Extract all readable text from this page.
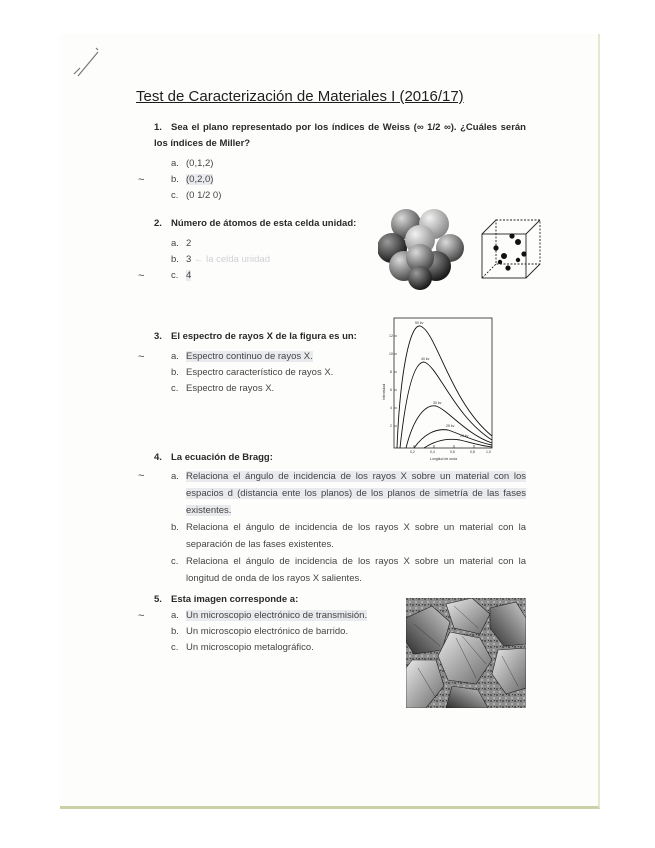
Test de Caracterización de Materiales I (2016/17)
1. Sea el plano representado por los índices de Weiss (∞ 1/2 ∞). ¿Cuáles serán los índices de Miller?
a. (0,1,2)
~	b. (0,2,0)
c. (0 1/2 0)
2. Número de átomos de esta celda unidad:
a. 2
b. 3 ← la celda unidad
~	c. 4
3. El espectro de rayos X de la figura es un:
~	a. Espectro continuo de rayos X.
b. Espectro característico de rayos X.
c. Espectro de rayos X.
50 kv
40 kv
30 kv
25 kv
20 kv
12
10
8
6
4
2
0,2	0,4	0,6	0,8	1,0
Longitud de onda
Intensidad
4. La ecuación de Bragg:
~	a. Relaciona el ángulo de incidencia de los rayos X sobre un material con los espacios d (distancia ente los planos) de los planos de simetría de las fases existentes.
b. Relaciona el ángulo de incidencia de los rayos X sobre un material con la separación de las fases existentes.
c. Relaciona el ángulo de incidencia de los rayos X sobre un material con la longitud de onda de los rayos X salientes.
5. Esta imagen corresponde a:
~	a. Un microscopio electrónico de transmisión.
b. Un microscopio electrónico de barrido.
c. Un microscopio metalográfico.
